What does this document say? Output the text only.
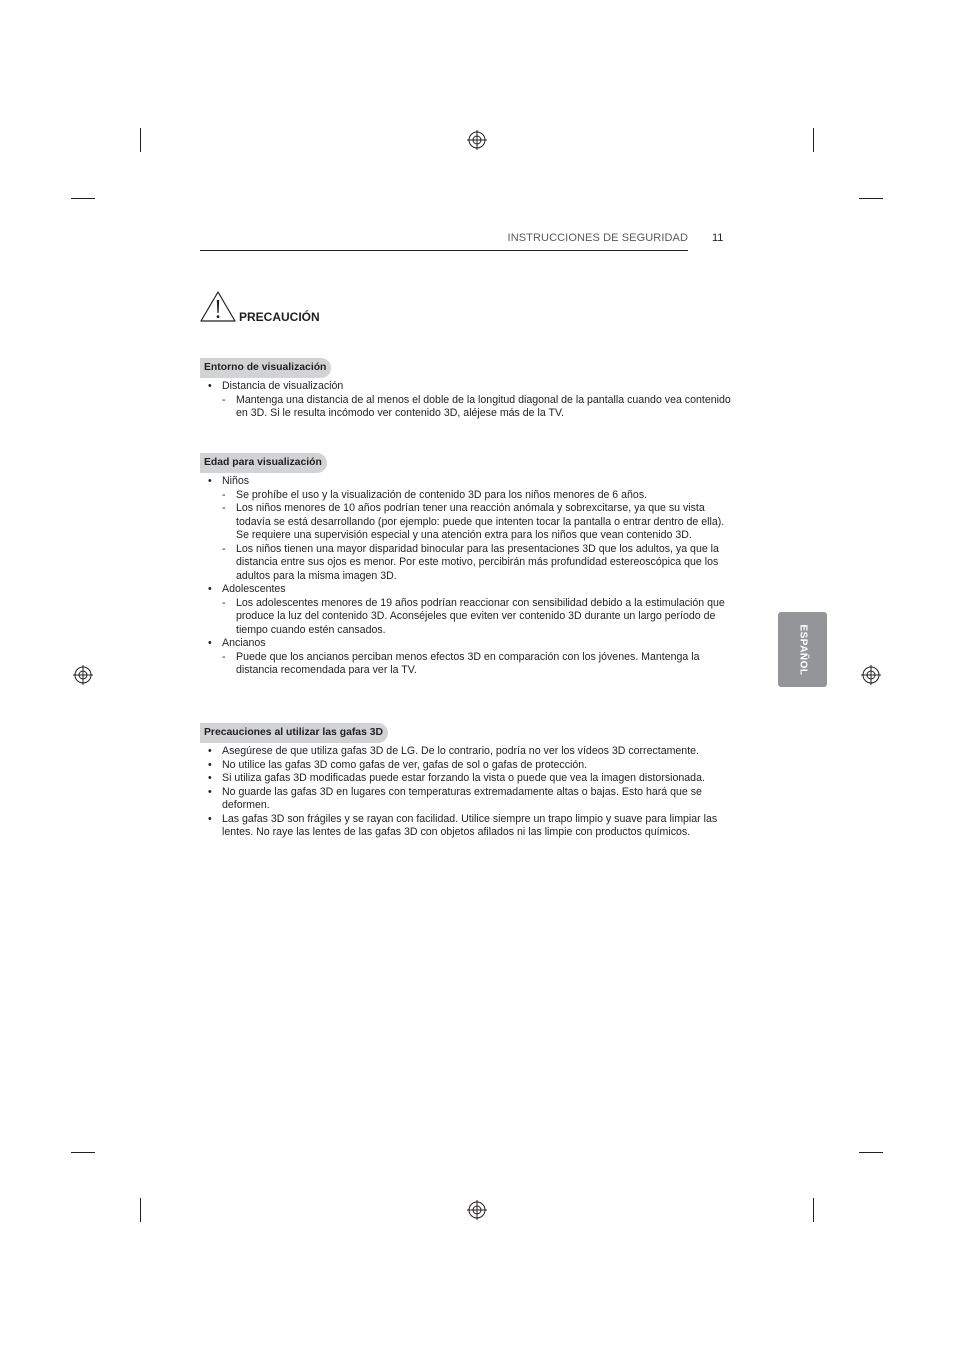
INSTRUCCIONES DE SEGURIDAD 11
PRECAUCIÓN
Entorno de visualización
• Distancia de visualización
- Mantenga una distancia de al menos el doble de la longitud diagonal de la pantalla cuando vea contenido en 3D. Si le resulta incómodo ver contenido 3D, aléjese más de la TV.
Edad para visualización
• Niños
- Se prohíbe el uso y la visualización de contenido 3D para los niños menores de 6 años.
- Los niños menores de 10 años podrían tener una reacción anómala y sobrexcitarse, ya que su vista todavía se está desarrollando (por ejemplo: puede que intenten tocar la pantalla o entrar dentro de ella). Se requiere una supervisión especial y una atención extra para los niños que vean contenido 3D.
- Los niños tienen una mayor disparidad binocular para las presentaciones 3D que los adultos, ya que la distancia entre sus ojos es menor. Por este motivo, percibirán más profundidad estereoscópica que los adultos para la misma imagen 3D.
• Adolescentes
- Los adolescentes menores de 19 años podrían reaccionar con sensibilidad debido a la estimulación que produce la luz del contenido 3D. Aconséjeles que eviten ver contenido 3D durante un largo período de tiempo cuando estén cansados.
• Ancianos
- Puede que los ancianos perciban menos efectos 3D en comparación con los jóvenes. Mantenga la distancia recomendada para ver la TV.
Precauciones al utilizar las gafas 3D
• Asegúrese de que utiliza gafas 3D de LG. De lo contrario, podría no ver los vídeos 3D correctamente.
• No utilice las gafas 3D como gafas de ver, gafas de sol o gafas de protección.
• Si utiliza gafas 3D modificadas puede estar forzando la vista o puede que vea la imagen distorsionada.
• No guarde las gafas 3D en lugares con temperaturas extremadamente altas o bajas. Esto hará que se deformen.
• Las gafas 3D son frágiles y se rayan con facilidad. Utilice siempre un trapo limpio y suave para limpiar las lentes. No raye las lentes de las gafas 3D con objetos afilados ni las limpie con productos químicos.
ESPAÑOL
